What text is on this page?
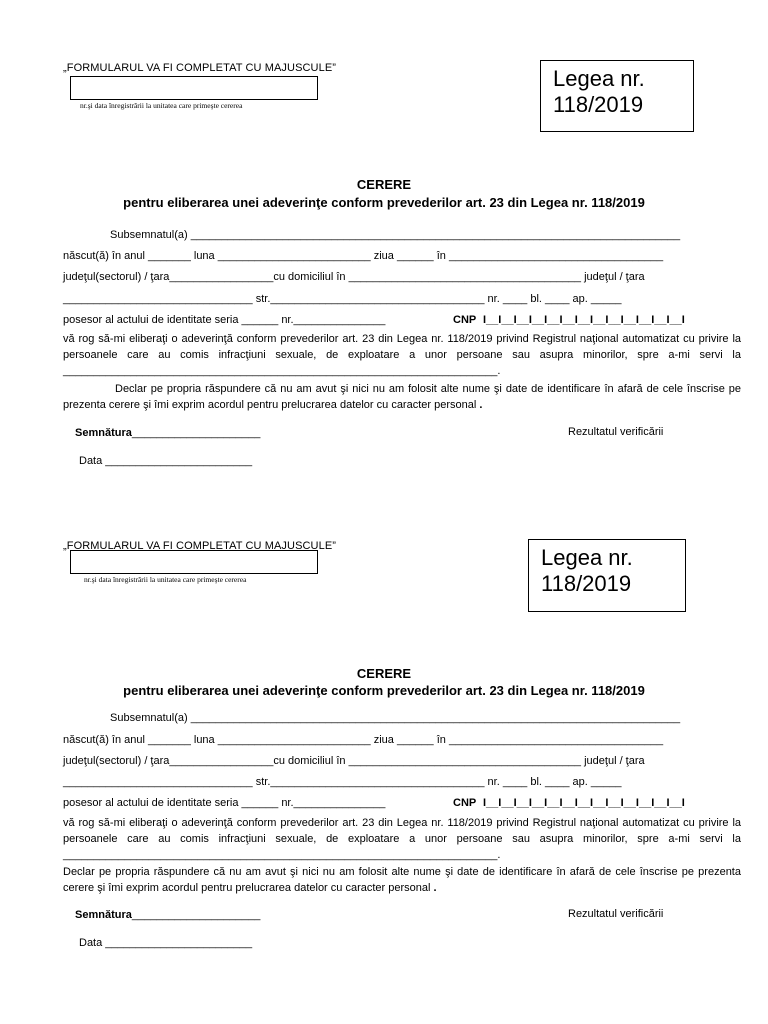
„FORMULARUL VA FI COMPLETAT CU MAJUSCULE”
nr.şi data înregistrării la unitatea care primeşte cererea
Legea nr.
118/2019
CERERE
pentru eliberarea unei adeverinţe conform prevederilor art. 23 din Legea nr. 118/2019
Subsemnatul(a) ________________________________________________________________________________
născut(ă) în anul _______ luna _________________________ ziua ______ în ___________________________________
judeţul(sectorul) / ţara_________________cu domiciliul în ______________________________________ judeţul / ţara
_______________________________ str.___________________________________ nr. ____ bl. ____ ap. _____
posesor al actului de identitate seria ______ nr._______________	CNP I__I__I__I__I__I__I__I__I__I__I__I__I__I
vă rog să-mi eliberaţi o adeverinţă conform prevederilor art. 23 din Legea nr. 118/2019 privind Registrul naţional automatizat cu privire la persoanele care au comis infracţiuni sexuale, de exploatare a unor persoane sau asupra minorilor, spre a-mi servi la _______________________________________________________________________.
Declar pe propria răspundere că nu am avut şi nici nu am folosit alte nume şi date de identificare în afară de cele înscrise pe prezenta cerere şi îmi exprim acordul pentru prelucrarea datelor cu caracter personal .
Semnătura_____________________	Rezultatul verificării
Data ________________________
„FORMULARUL VA FI COMPLETAT CU MAJUSCULE”
nr.şi data înregistrării la unitatea care primeşte cererea
Legea nr.
118/2019
CERERE
pentru eliberarea unei adeverinţe conform prevederilor art. 23 din Legea nr. 118/2019
Subsemnatul(a) ________________________________________________________________________________
născut(ă) în anul _______ luna _________________________ ziua ______ în ___________________________________
judeţul(sectorul) / ţara_________________cu domiciliul în ______________________________________ judeţul / ţara
_______________________________ str.___________________________________ nr. ____ bl. ____ ap. _____
posesor al actului de identitate seria ______ nr._______________	CNP I__I__I__I__I__I__I__I__I__I__I__I__I__I
vă rog să-mi eliberaţi o adeverinţă conform prevederilor art. 23 din Legea nr. 118/2019 privind Registrul naţional automatizat cu privire la persoanele care au comis infracţiuni sexuale, de exploatare a unor persoane sau asupra minorilor, spre a-mi servi la _______________________________________________________________________.
Declar pe propria răspundere că nu am avut şi nici nu am folosit alte nume şi date de identificare în afară de cele înscrise pe prezenta cerere şi îmi exprim acordul pentru prelucrarea datelor cu caracter personal .
Semnătura_____________________	Rezultatul verificării
Data ________________________
